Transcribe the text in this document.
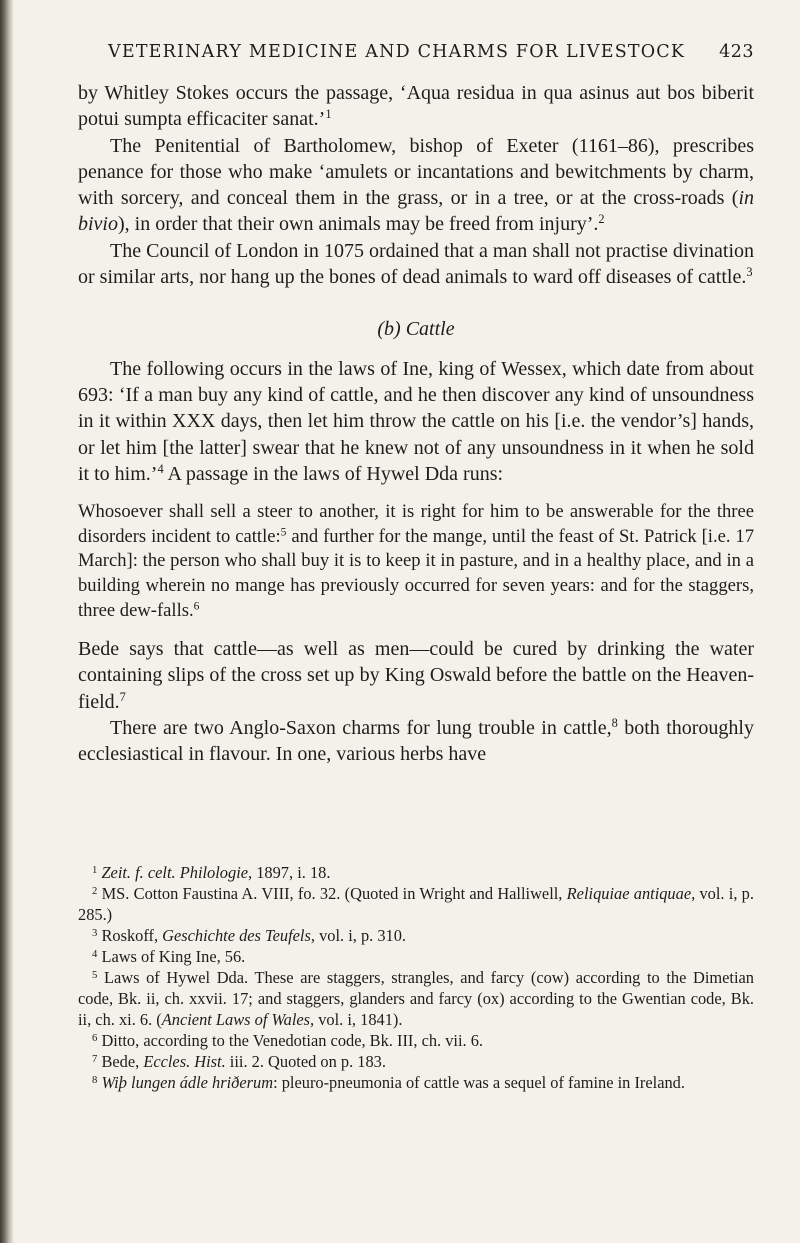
VETERINARY MEDICINE AND CHARMS FOR LIVESTOCK 423

by Whitley Stokes occurs the passage, ‘Aqua residua in qua asinus aut bos biberit potui sumpta efficaciter sanat.’$^1$

The Penitential of Bartholomew, bishop of Exeter (1161–86), prescribes penance for those who make ‘amulets or incantations and bewitchments by charm, with sorcery, and conceal them in the grass, or in a tree, or at the cross-roads (in bivio), in order that their own animals may be freed from injury’.$^2$

The Council of London in 1075 ordained that a man shall not practise divination or similar arts, nor hang up the bones of dead animals to ward off diseases of cattle.$^3$

(b) Cattle

The following occurs in the laws of Ine, king of Wessex, which date from about 693: ‘If a man buy any kind of cattle, and he then discover any kind of unsoundness in it within XXX days, then let him throw the cattle on his [i.e. the vendor’s] hands, or let him [the latter] swear that he knew not of any unsoundness in it when he sold it to him.’$^4$ A passage in the laws of Hywel Dda runs:

Whosoever shall sell a steer to another, it is right for him to be answerable for the three disorders incident to cattle:$^5$ and further for the mange, until the feast of St. Patrick [i.e. 17 March]: the person who shall buy it is to keep it in pasture, and in a healthy place, and in a building wherein no mange has previously occurred for seven years: and for the staggers, three dew-falls.$^6$

Bede says that cattle—as well as men—could be cured by drinking the water containing slips of the cross set up by King Oswald before the battle on the Heaven-field.$^7$

There are two Anglo-Saxon charms for lung trouble in cattle,$^8$ both thoroughly ecclesiastical in flavour. In one, various herbs have

$^1$ Zeit. f. celt. Philologie, 1897, i. 18.

$^2$ MS. Cotton Faustina A. VIII, fo. 32. (Quoted in Wright and Halliwell, Reliquiae antiquae, vol. i, p. 285.)

$^3$ Roskoff, Geschichte des Teufels, vol. i, p. 310.

$^4$ Laws of King Ine, 56.

$^5$ Laws of Hywel Dda. These are staggers, strangles, and farcy (cow) according to the Dimetian code, Bk. ii, ch. xxvii. 17; and staggers, glanders and farcy (ox) according to the Gwentian code, Bk. ii, ch. xi. 6. (Ancient Laws of Wales, vol. i, 1841).

$^6$ Ditto, according to the Venedotian code, Bk. III, ch. vii. 6.

$^7$ Bede, Eccles. Hist. iii. 2. Quoted on p. 183.

$^8$ Wiþ lungen ádle hriðerum: pleuro-pneumonia of cattle was a sequel of famine in Ireland.
